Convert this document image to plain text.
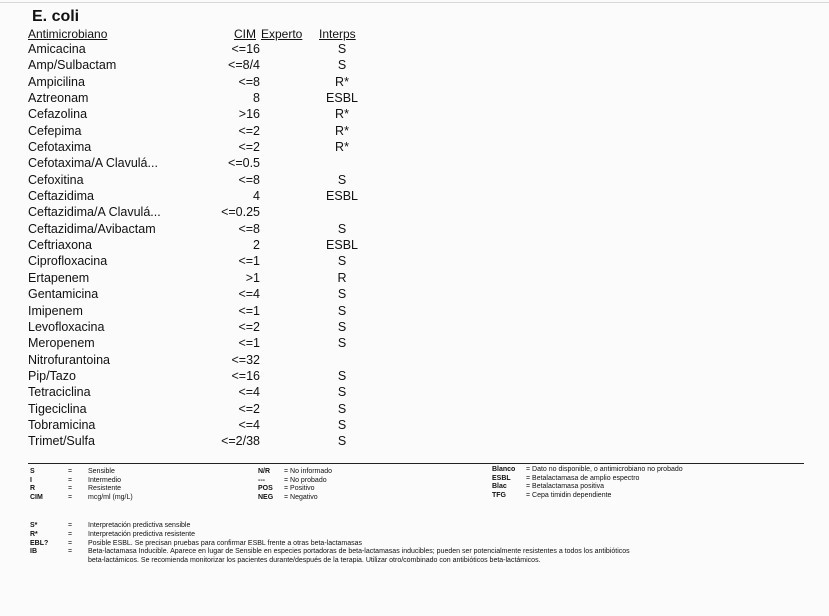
E. coli
Antimicrobiano	CIM Experto Interps
Amicacina	<=16	S
Amp/Sulbactam	<=8/4	S
Ampicilina	<=8	R*
Aztreonam	8	ESBL
Cefazolina	>16	R*
Cefepima	<=2	R*
Cefotaxima	<=2	R*
Cefotaxima/A Clavulá...	<=0.5
Cefoxitina	<=8	S
Ceftazidima	4	ESBL
Ceftazidima/A Clavulá...	<=0.25
Ceftazidima/Avibactam	<=8	S
Ceftriaxona	2	ESBL
Ciprofloxacina	<=1	S
Ertapenem	>1	R
Gentamicina	<=4	S
Imipenem	<=1	S
Levofloxacina	<=2	S
Meropenem	<=1	S
Nitrofurantoina	<=32
Pip/Tazo	<=16	S
Tetraciclina	<=4	S
Tigeciclina	<=2	S
Tobramicina	<=4	S
Trimet/Sulfa	<=2/38	S
S	= Sensible
I	= Intermedio
R	= Resistente
CIM	= mcg/ml (mg/L)
N/R = No informado
---	= No probado
POS = Positivo
NEG = Negativo
Blanco = Dato no disponible, o antimicrobiano no probado
ESBL = Betalactamasa de amplio espectro
Blac	= Betalactamasa positiva
TFG	= Cepa timidin dependiente
S*	= Interpretación predictiva sensible
R*	= Interpretación predictiva resistente
EBL?	= Posible ESBL. Se precisan pruebas para confirmar ESBL frente a otras beta-lactamasas
IB	= Beta-lactamasa Inducible. Aparece en lugar de Sensible en especies portadoras de beta-lactamasas inducibles; pueden ser potencialmente resistentes a todos los antibióticos
beta-lactámicos. Se recomienda monitorizar los pacientes durante/después de la terapia. Utilizar otro/combinado con antibióticos beta-lactámicos.
